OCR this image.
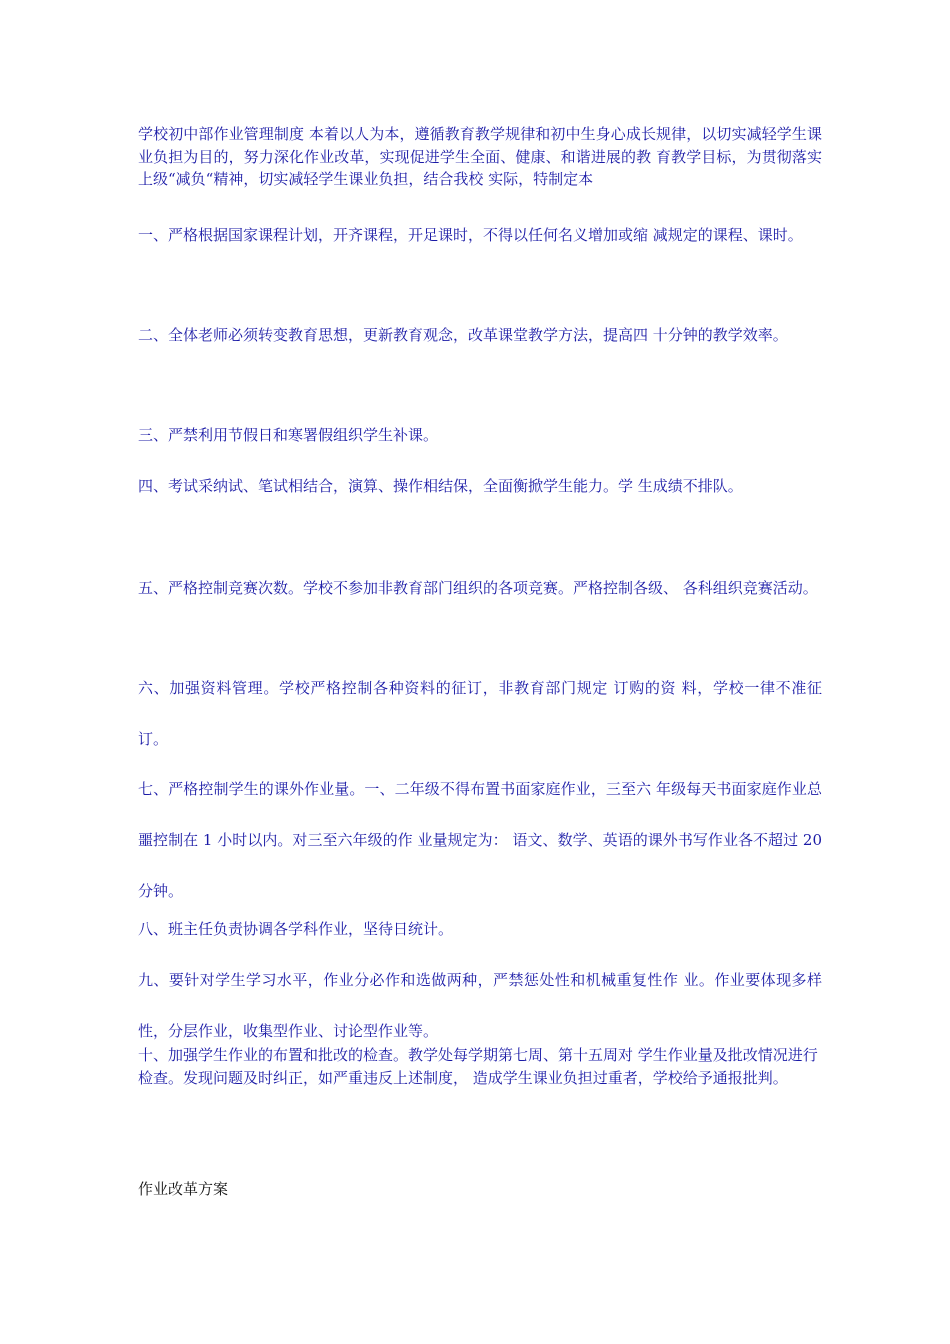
学校初中部作业管理制度 本着以人为本，遵循教育教学规律和初中生身心成长规律，以切实减轻学生课 业负担为目的，努力深化作业改革，实现促进学生全面、健康、和谐进展的教 育教学目标，为贯彻落实上级“减负“精神，切实减轻学生课业负担，结合我校 实际，特制定本

一、严格根据国家课程计划，开齐课程，开足课时，不得以任何名义增加或缩 减规定的课程、课时。

二、全体老师必须转变教育思想，更新教育观念，改革课堂教学方法，提高四 十分钟的教学效率。

三、严禁利用节假日和寒署假组织学生补课。

四、考试采纳试、笔试相结合，演算、操作相结保，全面衡掀学生能力。学 生成绩不排队。

五、严格控制竞赛次数。学校不参加非教育部门组织的各项竞赛。严格控制各级、 各科组织竞赛活动。

六、加强资料管理。学校严格控制各种资料的征订，非教育部门规定 订购的资 料，学校一律不准征订。

七、严格控制学生的课外作业量。一、二年级不得布置书面家庭作业，三至六 年级每天书面家庭作业总噩控制在 1 小时以内。对三至六年级的作 业量规定为： 语文、数学、英语的课外书写作业各不超过 20 分钟。

八、班主任负责协调各学科作业，坚待日统计。

九、要针对学生学习水平，作业分必作和选做两种，严禁惩处性和机械重复性作 业。作业要体现多样性，分层作业，收集型作业、讨论型作业等。

十、加强学生作业的布置和批改的检查。教学处每学期第七周、第十五周对 学生作业量及批改情况进行检查。发现问题及时纠正，如严重违反上述制度， 造成学生课业负担过重者，学校给予通报批判。

作业改革方案
